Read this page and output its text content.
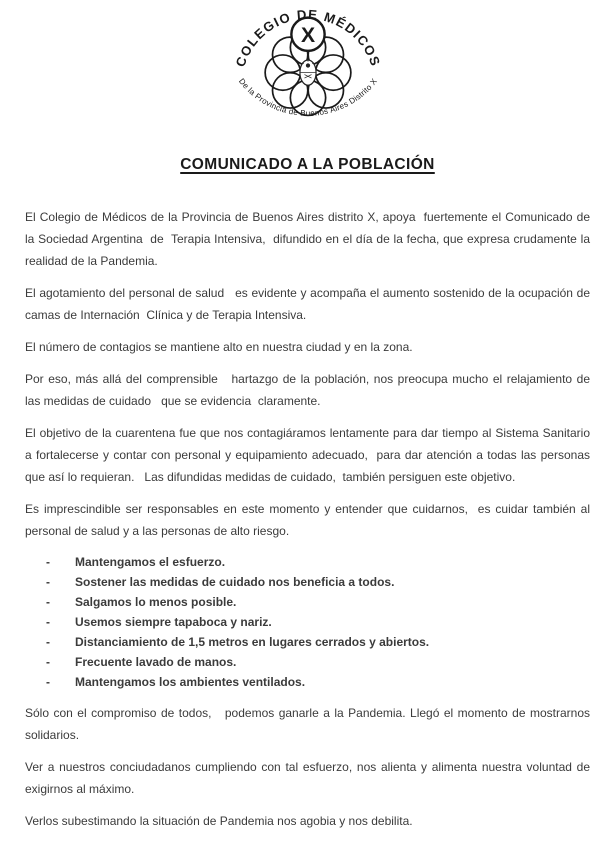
X
COLEGIO DE MÉDICOS
De la Provincia de Buenos Aires Distrito X
COMUNICADO A LA POBLACIÓN

El Colegio de Médicos de la Provincia de Buenos Aires distrito X, apoya  fuertemente el Comunicado de  la Sociedad Argentina  de  Terapia Intensiva,  difundido en el día de la fecha, que expresa crudamente la realidad de la Pandemia.

El agotamiento del personal de salud   es evidente y acompaña el aumento sostenido de la ocupación de camas de Internación  Clínica y de Terapia Intensiva.

El número de contagios se mantiene alto en nuestra ciudad y en la zona.

Por eso, más allá del comprensible   hartazgo de la población, nos preocupa mucho el relajamiento de   las medidas de cuidado   que se evidencia  claramente.

El objetivo de la cuarentena fue que nos contagiáramos lentamente para dar tiempo al Sistema Sanitario a fortalecerse y contar con personal y equipamiento adecuado,  para dar atención a todas las personas que así lo requieran.   Las difundidas medidas de cuidado,  también persiguen este objetivo.

Es imprescindible ser responsables en este momento y entender que cuidarnos,  es cuidar también al personal de salud y a las personas de alto riesgo.

- Mantengamos el esfuerzo.
- Sostener las medidas de cuidado nos beneficia a todos.
- Salgamos lo menos posible.
- Usemos siempre tapaboca y nariz.
- Distanciamiento de 1,5 metros en lugares cerrados y abiertos.
- Frecuente lavado de manos.
- Mantengamos los ambientes ventilados.

Sólo con el compromiso de todos,   podemos ganarle a la Pandemia. Llegó el momento de mostrarnos solidarios.

Ver a nuestros conciudadanos cumpliendo con tal esfuerzo, nos alienta y alimenta nuestra voluntad de exigirnos al máximo.

Verlos subestimando la situación de Pandemia nos agobia y nos debilita.
